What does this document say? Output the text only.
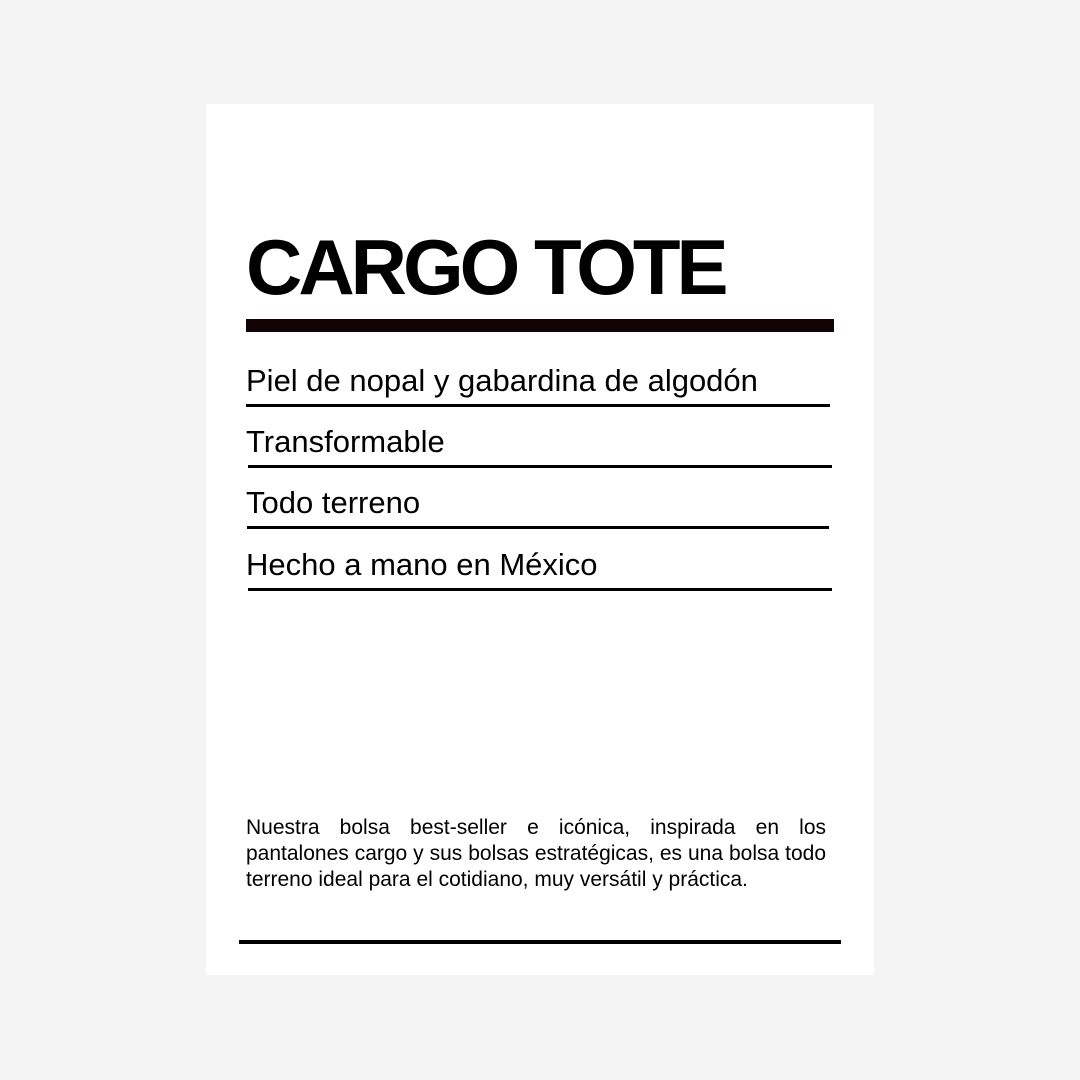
CARGO TOTE
Piel de nopal y gabardina de algodón
Transformable
Todo terreno
Hecho a mano en México

Nuestra bolsa best-seller e icónica, inspirada en los pantalones cargo y sus bolsas estratégicas, es una bolsa todo terreno ideal para el cotidiano, muy versátil y práctica.
